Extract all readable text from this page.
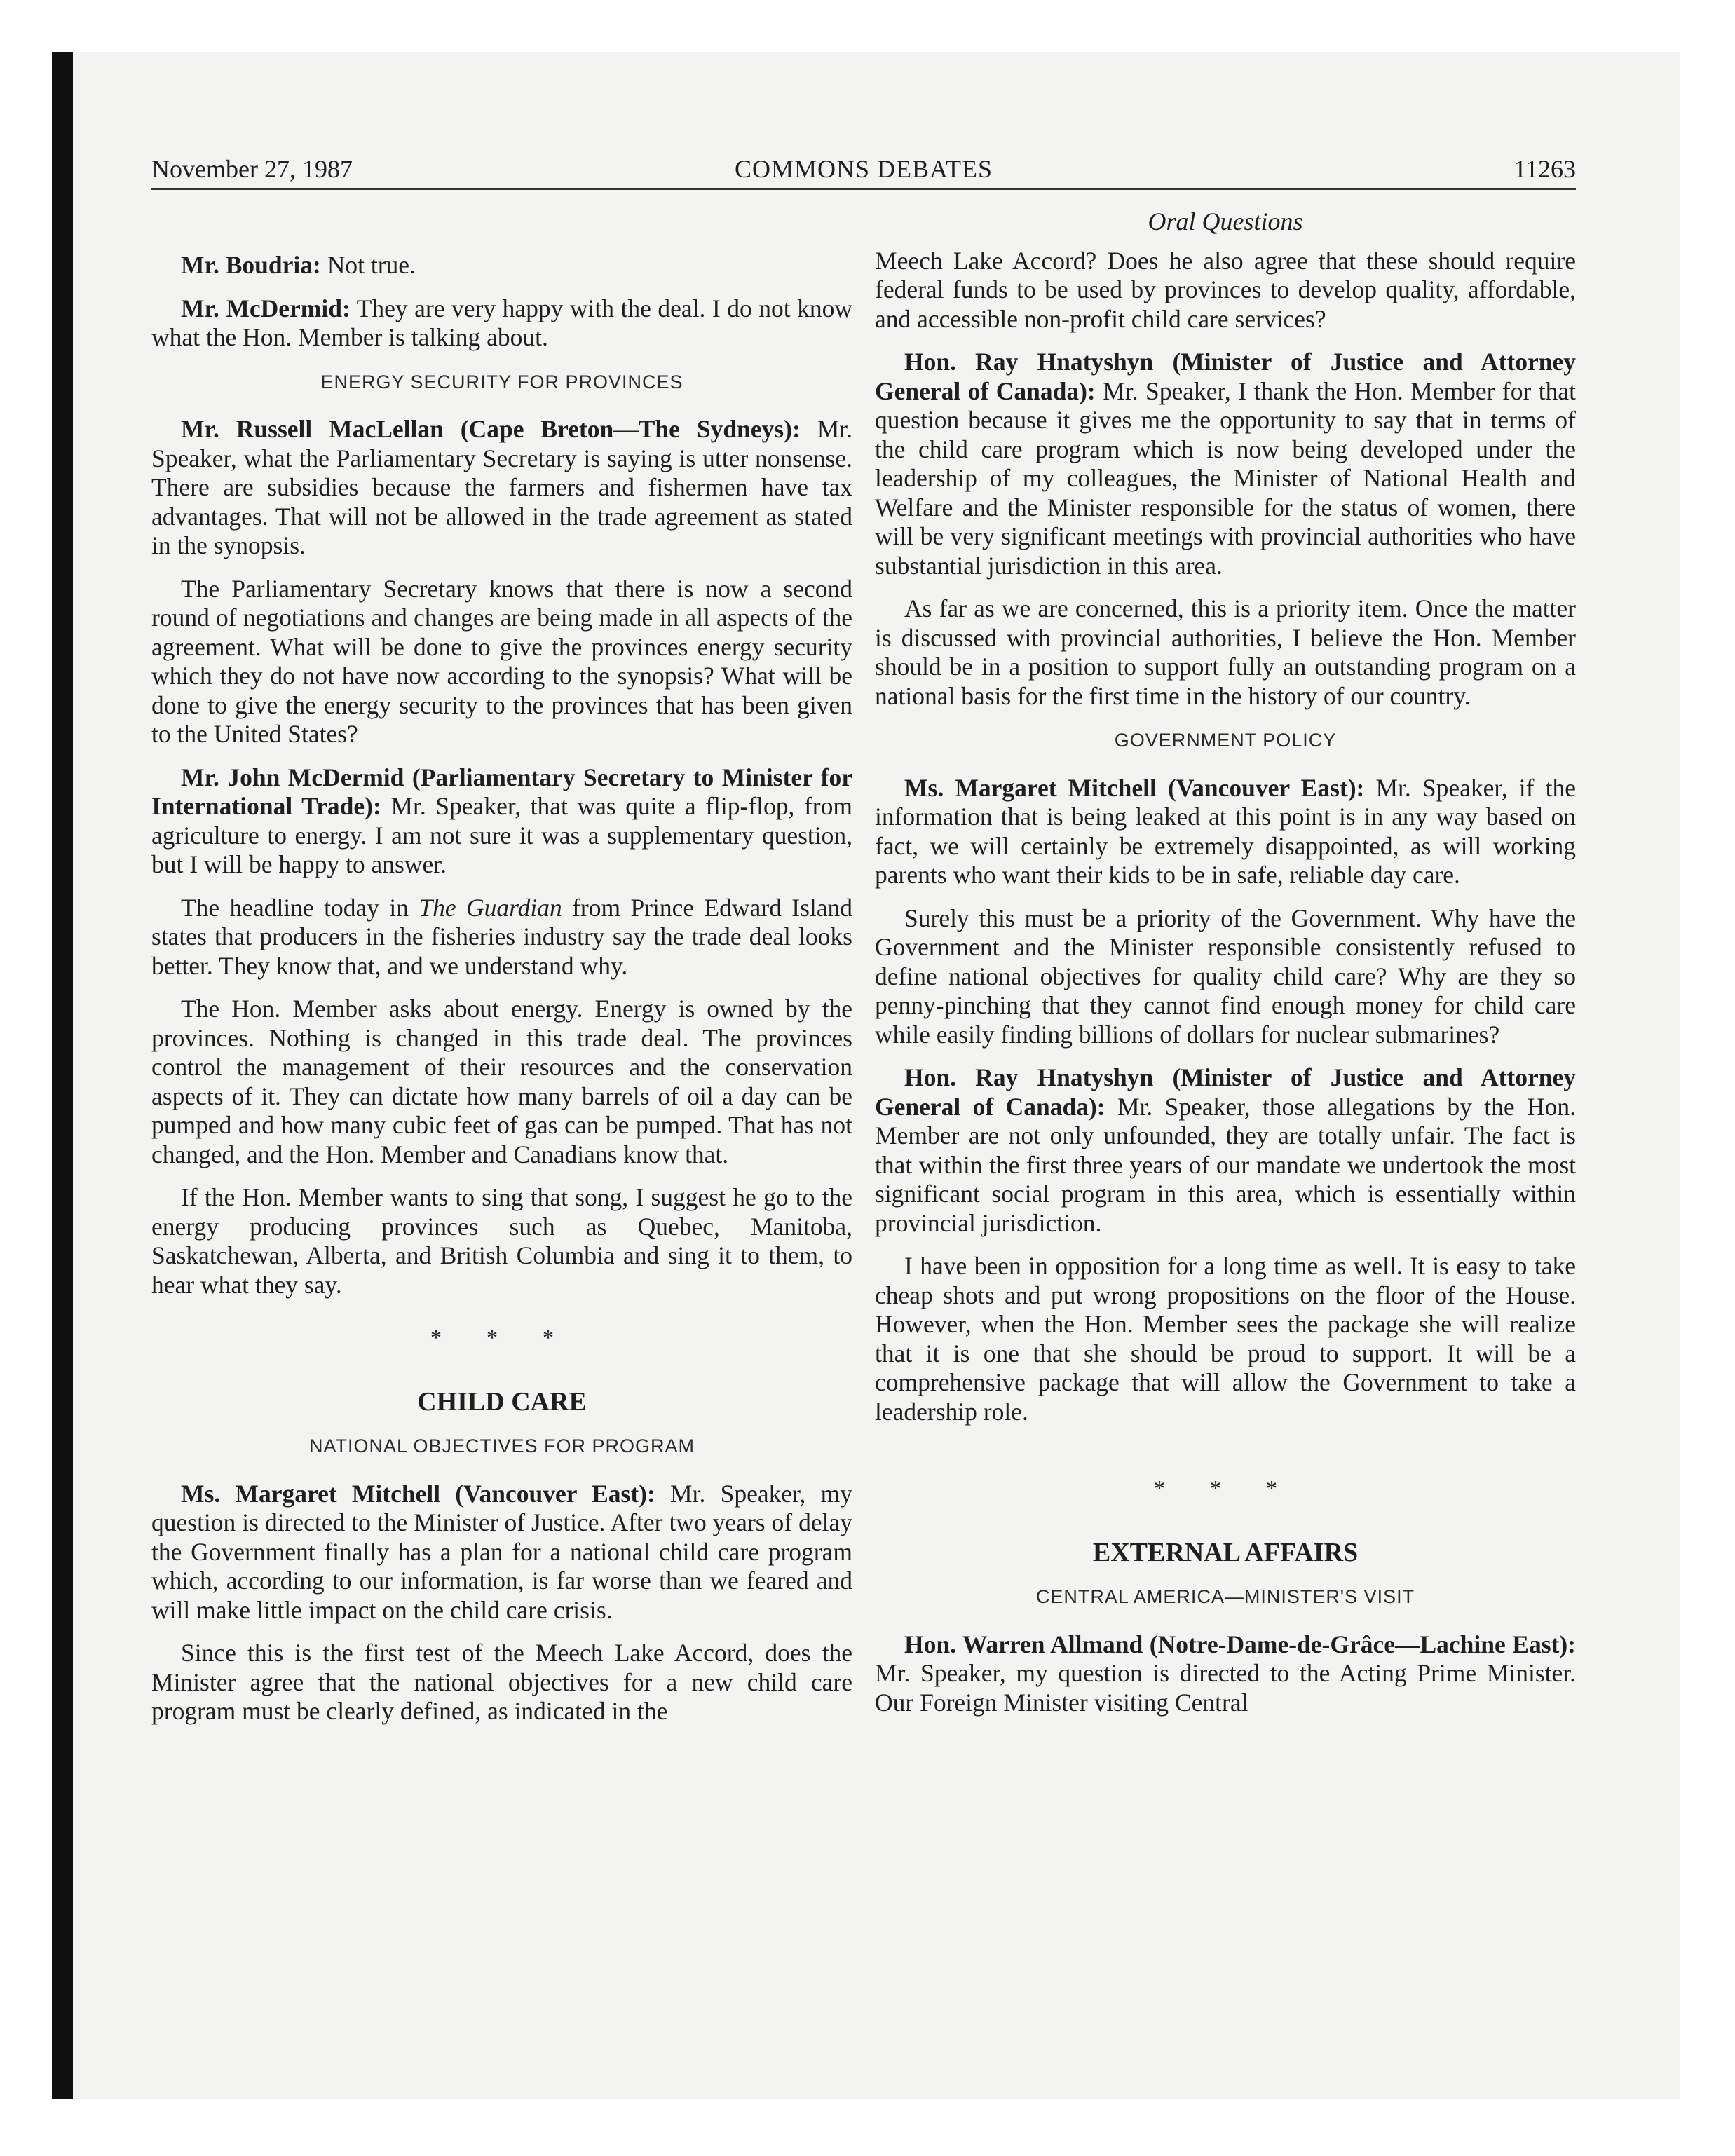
November 27, 1987	COMMONS DEBATES	11263

Mr. Boudria: Not true.

Mr. McDermid: They are very happy with the deal. I do not know what the Hon. Member is talking about.

ENERGY SECURITY FOR PROVINCES

Mr. Russell MacLellan (Cape Breton—The Sydneys): Mr. Speaker, what the Parliamentary Secretary is saying is utter nonsense. There are subsidies because the farmers and fishermen have tax advantages. That will not be allowed in the trade agreement as stated in the synopsis.

The Parliamentary Secretary knows that there is now a second round of negotiations and changes are being made in all aspects of the agreement. What will be done to give the provinces energy security which they do not have now according to the synopsis? What will be done to give the energy security to the provinces that has been given to the United States?

Mr. John McDermid (Parliamentary Secretary to Minister for International Trade): Mr. Speaker, that was quite a flip-flop, from agriculture to energy. I am not sure it was a supplementary question, but I will be happy to answer.

The headline today in The Guardian from Prince Edward Island states that producers in the fisheries industry say the trade deal looks better. They know that, and we understand why.

The Hon. Member asks about energy. Energy is owned by the provinces. Nothing is changed in this trade deal. The provinces control the management of their resources and the conservation aspects of it. They can dictate how many barrels of oil a day can be pumped and how many cubic feet of gas can be pumped. That has not changed, and the Hon. Member and Canadians know that.

If the Hon. Member wants to sing that song, I suggest he go to the energy producing provinces such as Quebec, Manitoba, Saskatchewan, Alberta, and British Columbia and sing it to them, to hear what they say.

* * *
CHILD CARE
NATIONAL OBJECTIVES FOR PROGRAM

Ms. Margaret Mitchell (Vancouver East): Mr. Speaker, my question is directed to the Minister of Justice. After two years of delay the Government finally has a plan for a national child care program which, according to our information, is far worse than we feared and will make little impact on the child care crisis.

Since this is the first test of the Meech Lake Accord, does the Minister agree that the national objectives for a new child care program must be clearly defined, as indicated in the

Oral Questions

Meech Lake Accord? Does he also agree that these should require federal funds to be used by provinces to develop quality, affordable, and accessible non-profit child care services?

Hon. Ray Hnatyshyn (Minister of Justice and Attorney General of Canada): Mr. Speaker, I thank the Hon. Member for that question because it gives me the opportunity to say that in terms of the child care program which is now being developed under the leadership of my colleagues, the Minister of National Health and Welfare and the Minister responsible for the status of women, there will be very significant meetings with provincial authorities who have substantial jurisdiction in this area.

As far as we are concerned, this is a priority item. Once the matter is discussed with provincial authorities, I believe the Hon. Member should be in a position to support fully an outstanding program on a national basis for the first time in the history of our country.

GOVERNMENT POLICY

Ms. Margaret Mitchell (Vancouver East): Mr. Speaker, if the information that is being leaked at this point is in any way based on fact, we will certainly be extremely disappointed, as will working parents who want their kids to be in safe, reliable day care.

Surely this must be a priority of the Government. Why have the Government and the Minister responsible consistently refused to define national objectives for quality child care? Why are they so penny-pinching that they cannot find enough money for child care while easily finding billions of dollars for nuclear submarines?

Hon. Ray Hnatyshyn (Minister of Justice and Attorney General of Canada): Mr. Speaker, those allegations by the Hon. Member are not only unfounded, they are totally unfair. The fact is that within the first three years of our mandate we undertook the most significant social program in this area, which is essentially within provincial jurisdiction.

I have been in opposition for a long time as well. It is easy to take cheap shots and put wrong propositions on the floor of the House. However, when the Hon. Member sees the package she will realize that it is one that she should be proud to support. It will be a comprehensive package that will allow the Government to take a leadership role.

* * *
EXTERNAL AFFAIRS
CENTRAL AMERICA—MINISTER'S VISIT

Hon. Warren Allmand (Notre-Dame-de-Grâce—Lachine East): Mr. Speaker, my question is directed to the Acting Prime Minister. Our Foreign Minister visiting Central
